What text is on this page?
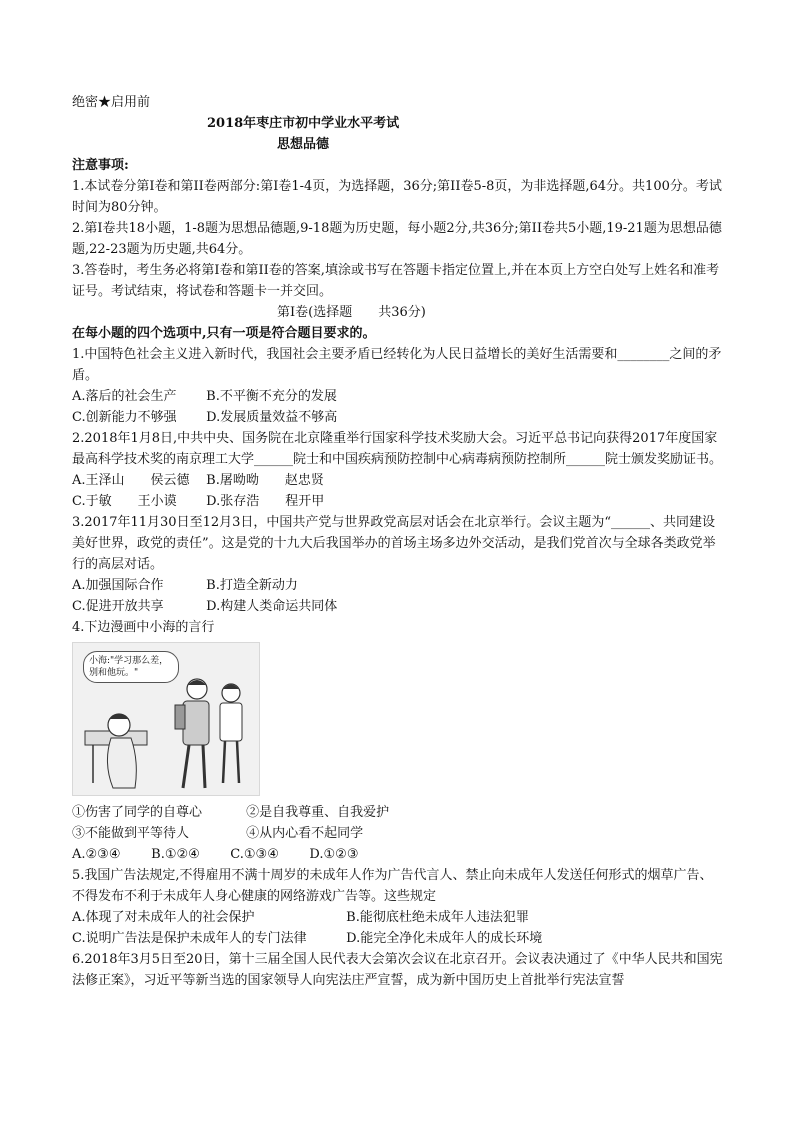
绝密★启用前
2018年枣庄市初中学业水平考试
思想品德
注意事项:
1.本试卷分第I卷和第II卷两部分:第I卷1-4页，为选择题，36分;第II卷5-8页，为非选择题,64分。共100分。考试时间为80分钟。
2.第I卷共18小题，1-8题为思想品德题,9-18题为历史题，每小题2分,共36分;第II卷共5小题,19-21题为思想品德题,22-23题为历史题,共64分。
3.答卷时，考生务必将第I卷和第II卷的答案,填涂或书写在答题卡指定位置上,并在本页上方空白处写上姓名和准考证号。考试结束，将试卷和答题卡一并交回。
第I卷(选择题　　共36分)
在每小题的四个选项中,只有一项是符合题目要求的。
1.中国特色社会主义进入新时代，我国社会主要矛盾已经转化为人民日益增长的美好生活需要和________之间的矛盾。
A.落后的社会生产 B.不平衡不充分的发展
C.创新能力不够强 D.发展质量效益不够高
2.2018年1月8日,中共中央、国务院在北京隆重举行国家科学技术奖励大会。习近平总书记向获得2017年度国家最高科学技术奖的南京理工大学______院士和中国疾病预防控制中心病毒病预防控制所______院士颁发奖励证书。
A.王泽山　　侯云德 B.屠呦呦　　赵忠贤
C.于敏　　王小谟 D.张存浩　　程开甲
3.2017年11月30日至12月3日，中国共产党与世界政党高层对话会在北京举行。会议主题为“______、共同建设美好世界，政党的责任”。这是党的十九大后我国举办的首场主场多边外交活动，是我们党首次与全球各类政党举行的高层对话。
A.加强国际合作	B.打造全新动力
C.促进开放共享	D.构建人类命运共同体
4.下边漫画中小海的言行
小海:"学习那么差，别和他玩。"
①伤害了同学的自尊心	②是自我尊重、自我爱护
③不能做到平等待人	④从内心看不起同学
A.②③④ B.①②④ C.①③④ D.①②③
5.我国广告法规定,不得雇用不满十周岁的未成年人作为广告代言人、禁止向未成年人发送任何形式的烟草广告、不得发布不利于未成年人身心健康的网络游戏广告等。这些规定
A.体现了对未成年人的社会保护	B.能彻底杜绝未成年人违法犯罪
C.说明广告法是保护未成年人的专门法律	D.能完全净化未成年人的成长环境
6.2018年3月5日至20日，第十三届全国人民代表大会第次会议在北京召开。会议表决通过了《中华人民共和国宪法修正案》，习近平等新当选的国家领导人向宪法庄严宣誓，成为新中国历史上首批举行宪法宣誓
